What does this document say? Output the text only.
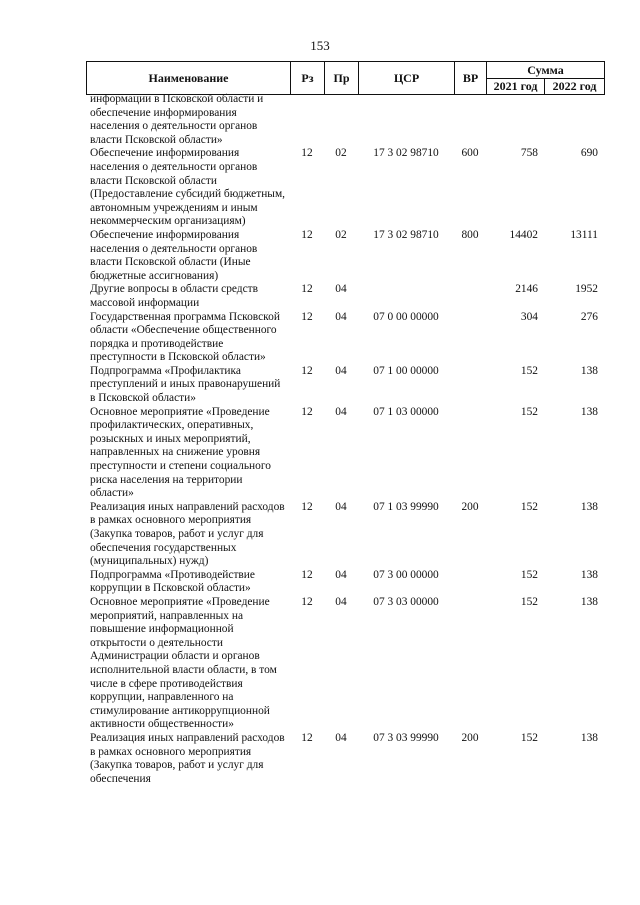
153
Наименование	Рз	Пр	ЦСР	ВР	Сумма	
					2021 год	2022 год
информации в Псковской области и обеспечение информирования населения о деятельности органов власти Псковской области»						
Обеспечение информирования населения о деятельности органов власти Псковской области (Предоставление субсидий бюджетным, автономным учреждениям и иным некоммерческим организациям)	12	02	17 3 02 98710	600	758	690
Обеспечение информирования населения о деятельности органов власти Псковской области (Иные бюджетные ассигнования)	12	02	17 3 02 98710	800	14402	13111
Другие вопросы в области средств массовой информации	12	04			2146	1952
Государственная программа Псковской области «Обеспечение общественного порядка и противодействие преступности в Псковской области»	12	04	07 0 00 00000		304	276
Подпрограмма «Профилактика преступлений и иных правонарушений в Псковской области»	12	04	07 1 00 00000		152	138
Основное мероприятие «Проведение профилактических, оперативных, розыскных и иных мероприятий, направленных на снижение уровня преступности и степени социального риска населения на территории области»	12	04	07 1 03 00000		152	138
Реализация иных направлений расходов в рамках основного мероприятия (Закупка товаров, работ и услуг для обеспечения государственных (муниципальных) нужд)	12	04	07 1 03 99990	200	152	138
Подпрограмма «Противодействие коррупции в Псковской области»	12	04	07 3 00 00000		152	138
Основное мероприятие «Проведение мероприятий, направленных на повышение информационной открытости о деятельности Администрации области и органов исполнительной власти области, в том числе в сфере противодействия коррупции, направленного на стимулирование антикоррупционной активности общественности»	12	04	07 3 03 00000		152	138
Реализация иных направлений расходов в рамках основного мероприятия (Закупка товаров, работ и услуг для обеспечения	12	04	07 3 03 99990	200	152	138
